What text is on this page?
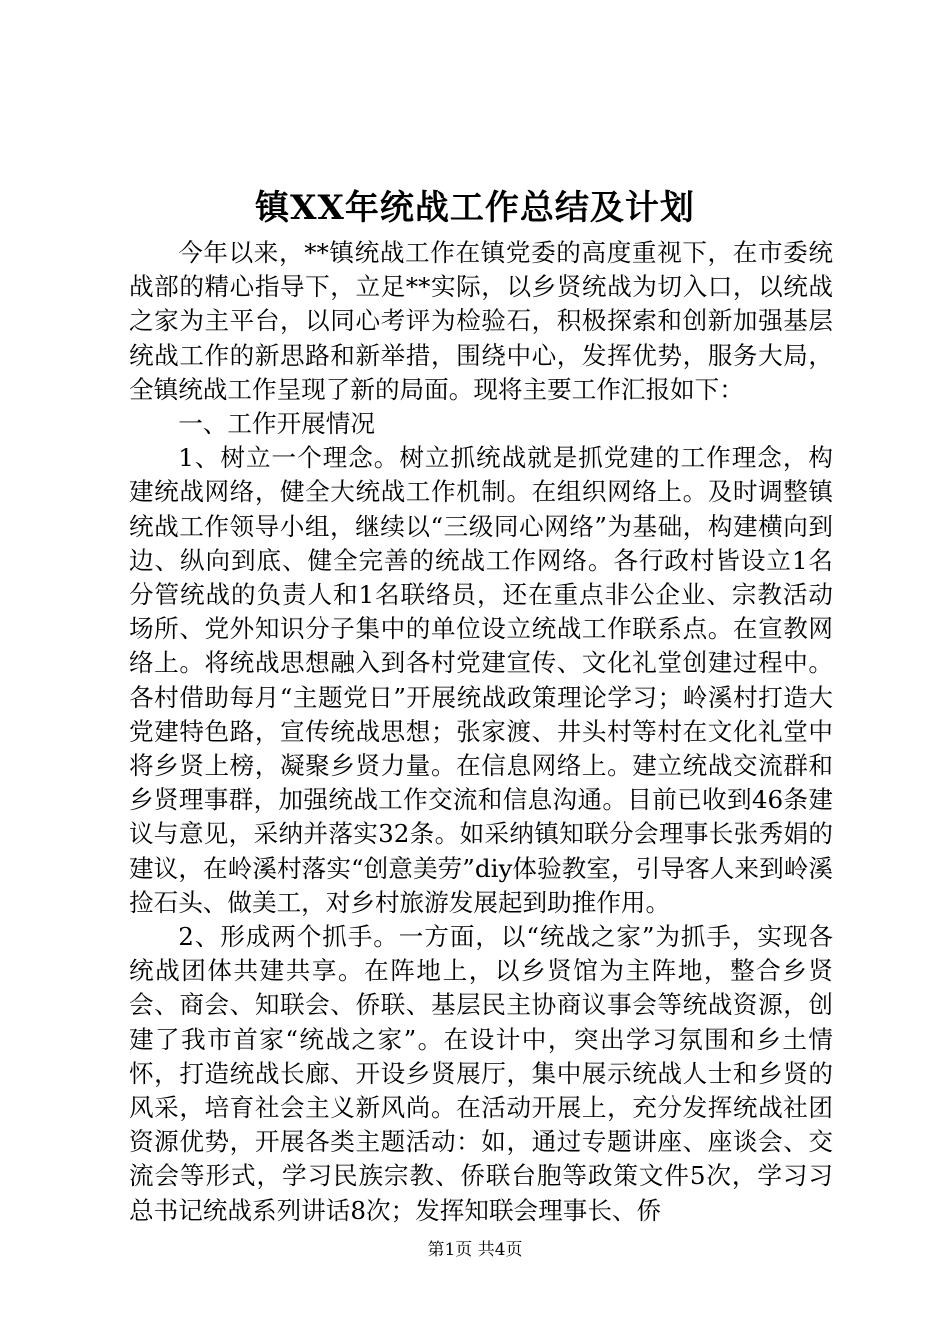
镇XX年统战工作总结及计划

今年以来，**镇统战工作在镇党委的高度重视下，在市委统战部的精心指导下，立足**实际，以乡贤统战为切入口，以统战之家为主平台，以同心考评为检验石，积极探索和创新加强基层统战工作的新思路和新举措，围绕中心，发挥优势，服务大局，全镇统战工作呈现了新的局面。现将主要工作汇报如下：

一、工作开展情况

1、树立一个理念。树立抓统战就是抓党建的工作理念，构建统战网络，健全大统战工作机制。在组织网络上。及时调整镇统战工作领导小组，继续以“三级同心网络”为基础，构建横向到边、纵向到底、健全完善的统战工作网络。各行政村皆设立1名分管统战的负责人和1名联络员，还在重点非公企业、宗教活动场所、党外知识分子集中的单位设立统战工作联系点。在宣教网络上。将统战思想融入到各村党建宣传、文化礼堂创建过程中。各村借助每月“主题党日”开展统战政策理论学习；岭溪村打造大党建特色路，宣传统战思想；张家渡、井头村等村在文化礼堂中将乡贤上榜，凝聚乡贤力量。在信息网络上。建立统战交流群和乡贤理事群，加强统战工作交流和信息沟通。目前已收到46条建议与意见，采纳并落实32条。如采纳镇知联分会理事长张秀娟的建议，在岭溪村落实“创意美劳”diy体验教室，引导客人来到岭溪捡石头、做美工，对乡村旅游发展起到助推作用。

2、形成两个抓手。一方面，以“统战之家”为抓手，实现各统战团体共建共享。在阵地上，以乡贤馆为主阵地，整合乡贤会、商会、知联会、侨联、基层民主协商议事会等统战资源，创建了我市首家“统战之家”。在设计中，突出学习氛围和乡土情怀，打造统战长廊、开设乡贤展厅，集中展示统战人士和乡贤的风采，培育社会主义新风尚。在活动开展上，充分发挥统战社团资源优势，开展各类主题活动：如，通过专题讲座、座谈会、交流会等形式，学习民族宗教、侨联台胞等政策文件5次，学习习总书记统战系列讲话8次；发挥知联会理事长、侨

第1页 共4页
